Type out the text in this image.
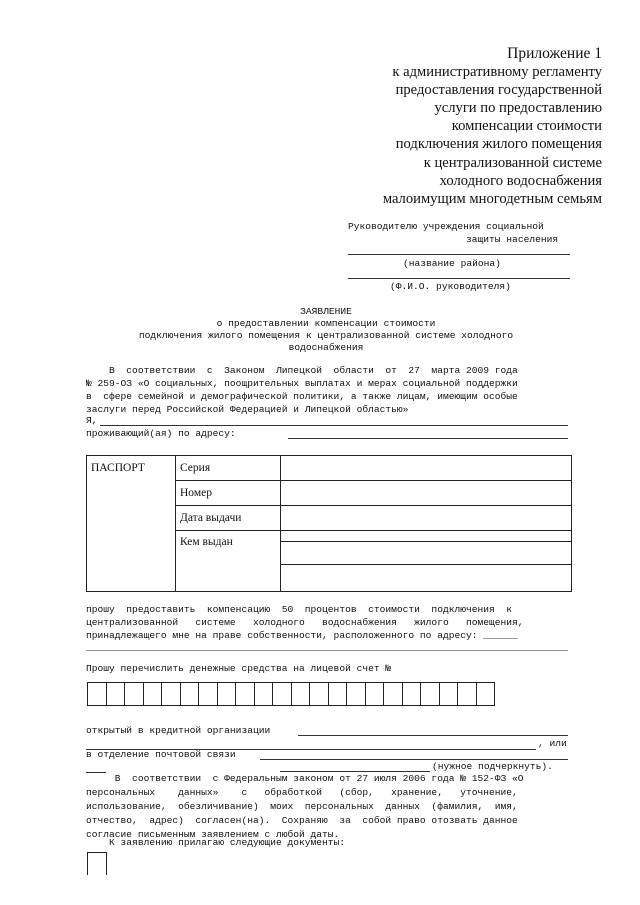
Приложение 1
к административному регламенту
предоставления государственной
услуги по предоставлению
компенсации стоимости
подключения жилого помещения
к централизованной системе
холодного водоснабжения
малоимущим многодетным семьям
Руководителю учреждения социальной
защиты населения
(название района)
(Ф.И.О. руководителя)
ЗАЯВЛЕНИЕ
о предоставлении компенсации стоимости
подключения жилого помещения к централизованной системе холодного
водоснабжения
В  соответствии  с  Законом  Липецкой  области  от  27  марта 2009 года
№ 259-ОЗ «О социальных, поощрительных выплатах и мерах социальной поддержки
в  сфере семейной и демографической политики, а также лицам, имеющим особые
заслуги перед Российской Федерацией и Липецкой областью»
Я,
проживающий(ая) по адресу:
ПАСПОРТ	Серия	
	Номер	
	Дата выдачи	
	Кем выдан	

прошу  предоставить  компенсацию  50  процентов  стоимости  подключения  к
централизованной   системе   холодного   водоснабжения   жилого   помещения,
принадлежащего мне на праве собственности, расположенного по адресу: ______
Прошу перечислить денежные средства на лицевой счет №
открытый в кредитной организации
, или
в отделение почтовой связи
(нужное подчеркнуть).
В  соответствии  с Федеральным законом от 27 июля 2006 года № 152-ФЗ «О
персональных    данных»    с   обработкой   (сбор,   хранение,   уточнение,
использование,  обезличивание)  моих  персональных  данных  (фамилия,  имя,
отчество,  адрес)  согласен(на).  Сохраняю  за  собой право отозвать данное
согласие письменным заявлением с любой даты.
К заявлению прилагаю следующие документы:
